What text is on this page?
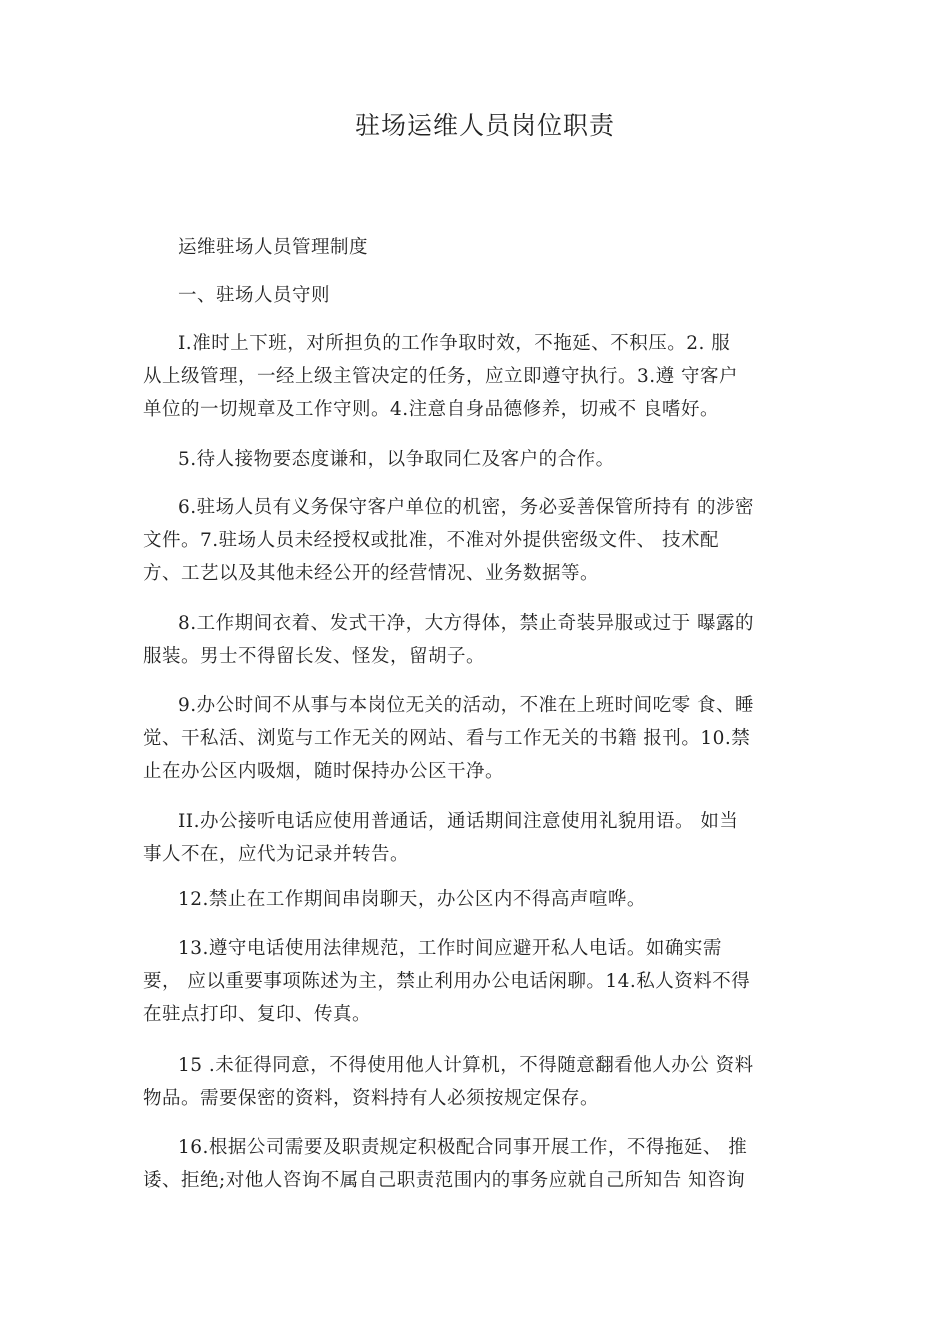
驻场运维人员岗位职责
运维驻场人员管理制度
一、驻场人员守则
I.准时上下班，对所担负的工作争取时效，不拖延、不积压。2. 服
从上级管理，一经上级主管决定的任务，应立即遵守执行。3.遵 守客户
单位的一切规章及工作守则。4.注意自身品德修养，切戒不 良嗜好。
5.待人接物要态度谦和，以争取同仁及客户的合作。
6.驻场人员有义务保守客户单位的机密，务必妥善保管所持有 的涉密
文件。7.驻场人员未经授权或批准，不准对外提供密级文件、 技术配
方、工艺以及其他未经公开的经营情况、业务数据等。
8.工作期间衣着、发式干净，大方得体，禁止奇装异服或过于 曝露的
服装。男士不得留长发、怪发，留胡子。
9.办公时间不从事与本岗位无关的活动，不准在上班时间吃零 食、睡
觉、干私活、浏览与工作无关的网站、看与工作无关的书籍 报刊。10.禁
止在办公区内吸烟，随时保持办公区干净。
II.办公接听电话应使用普通话，通话期间注意使用礼貌用语。 如当
事人不在，应代为记录并转告。
12.禁止在工作期间串岗聊天，办公区内不得高声喧哗。
13.遵守电话使用法律规范，工作时间应避开私人电话。如确实需
要， 应以重要事项陈述为主，禁止利用办公电话闲聊。14.私人资料不得
在驻点打印、复印、传真。
15 .未征得同意，不得使用他人计算机，不得随意翻看他人办公 资料
物品。需要保密的资料，资料持有人必须按规定保存。
16.根据公司需要及职责规定积极配合同事开展工作，不得拖延、 推
诿、拒绝;对他人咨询不属自己职责范围内的事务应就自己所知告 知咨询
